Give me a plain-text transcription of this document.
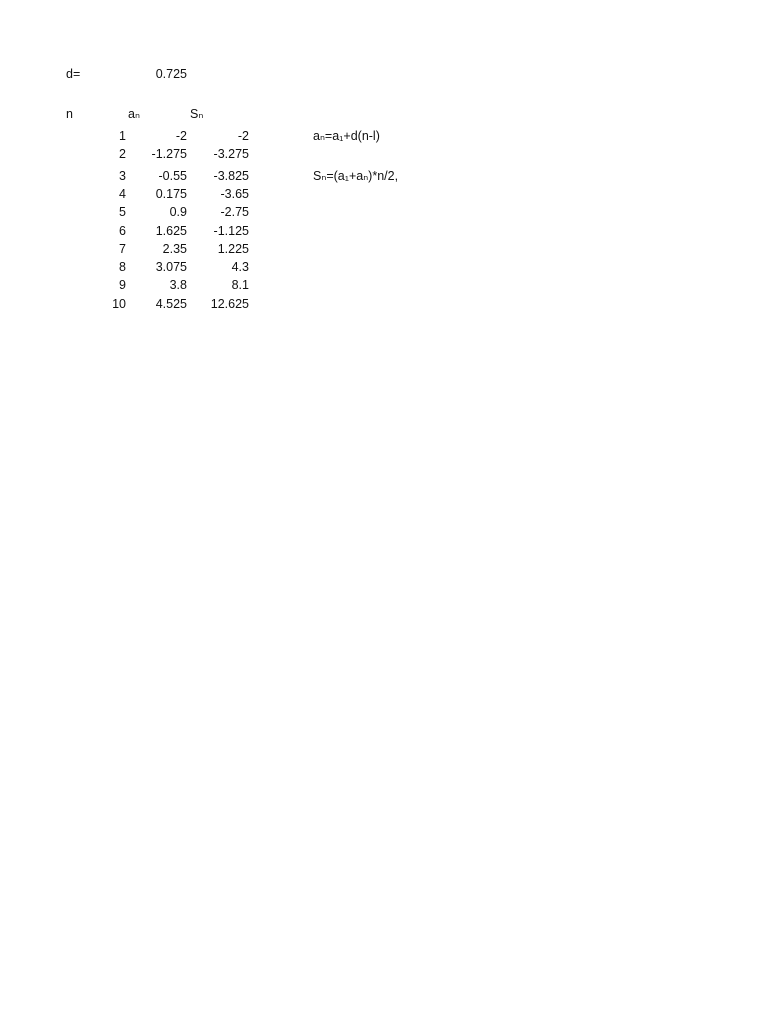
d=	0.725
n	aₙ	Sₙ
1	-2	-2
2	-1.275	-3.275
3	-0.55	-3.825
4	0.175	-3.65
5	0.9	-2.75
6	1.625	-1.125
7	2.35	1.225
8	3.075	4.3
9	3.8	8.1
10	4.525	12.625
aₙ=a₁+d(n-l)
Sₙ=(a₁+aₙ)*n/2,
